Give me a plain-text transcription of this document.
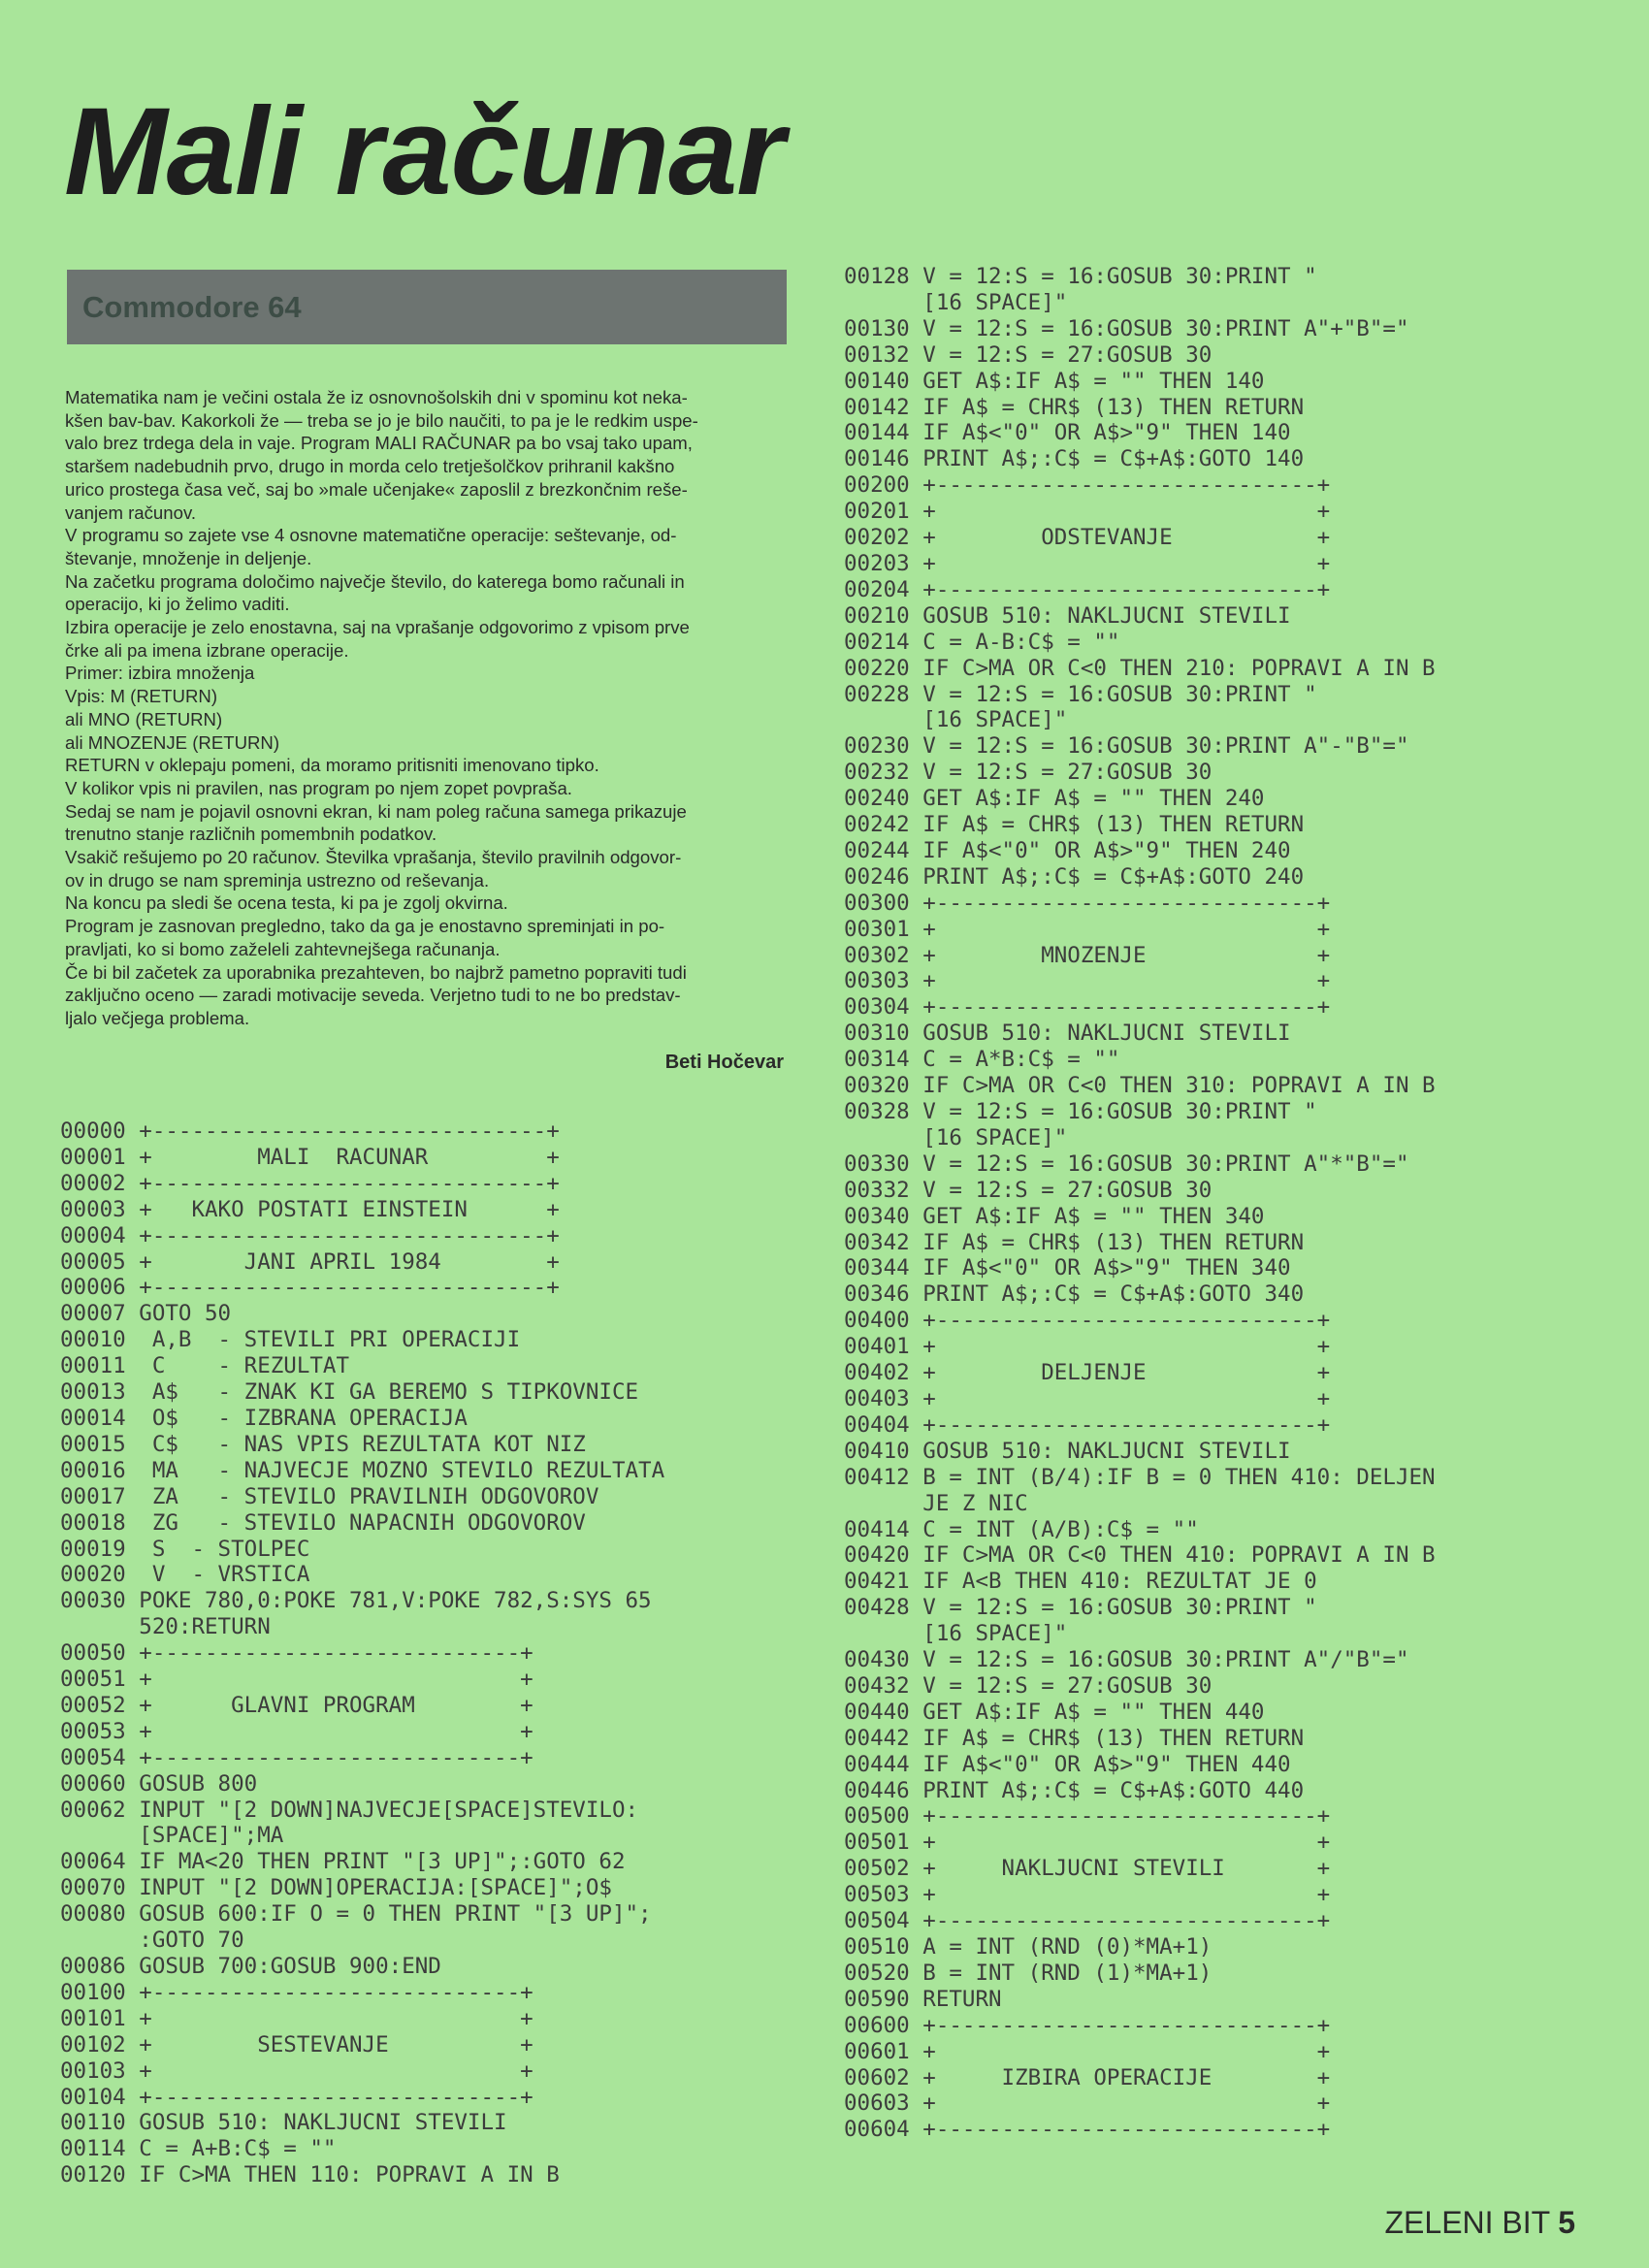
Mali računar
Commodore 64
Matematika nam je večini ostala že iz osnovnošolskih dni v spominu kot neka-
kšen bav-bav. Kakorkoli že — treba se jo je bilo naučiti, to pa je le redkim uspe-
valo brez trdega dela in vaje. Program MALI RAČUNAR pa bo vsaj tako upam,
staršem nadebudnih prvo, drugo in morda celo tretješolčkov prihranil kakšno
urico prostega časa več, saj bo »male učenjake« zaposlil z brezkončnim reše-
vanjem računov.
V programu so zajete vse 4 osnovne matematične operacije: seštevanje, od-
števanje, množenje in deljenje.
Na začetku programa določimo največje število, do katerega bomo računali in
operacijo, ki jo želimo vaditi.
Izbira operacije je zelo enostavna, saj na vprašanje odgovorimo z vpisom prve
črke ali pa imena izbrane operacije.
Primer: izbira množenja
Vpis: M (RETURN)
ali MNO (RETURN)
ali MNOZENJE (RETURN)
RETURN v oklepaju pomeni, da moramo pritisniti imenovano tipko.
V kolikor vpis ni pravilen, nas program po njem zopet povpraša.
Sedaj se nam je pojavil osnovni ekran, ki nam poleg računa samega prikazuje
trenutno stanje različnih pomembnih podatkov.
Vsakič rešujemo po 20 računov. Številka vprašanja, število pravilnih odgovor-
ov in drugo se nam spreminja ustrezno od reševanja.
Na koncu pa sledi še ocena testa, ki pa je zgolj okvirna.
Program je zasnovan pregledno, tako da ga je enostavno spreminjati in po-
pravljati, ko si bomo zaželeli zahtevnejšega računanja.
Če bi bil začetek za uporabnika prezahteven, bo najbrž pametno popraviti tudi
zaključno oceno — zaradi motivacije seveda. Verjetno tudi to ne bo predstav-
ljalo večjega problema.
Beti Hočevar
00000 +------------------------------+
00001 +        MALI  RACUNAR         +
00002 +------------------------------+
00003 +   KAKO POSTATI EINSTEIN      +
00004 +------------------------------+
00005 +       JANI APRIL 1984        +
00006 +------------------------------+
00007 GOTO 50
00010  A,B  - STEVILI PRI OPERACIJI
00011  C    - REZULTAT
00013  A$   - ZNAK KI GA BEREMO S TIPKOVNICE
00014  O$   - IZBRANA OPERACIJA
00015  C$   - NAS VPIS REZULTATA KOT NIZ
00016  MA   - NAJVECJE MOZNO STEVILO REZULTATA
00017  ZA   - STEVILO PRAVILNIH ODGOVOROV
00018  ZG   - STEVILO NAPACNIH ODGOVOROV
00019  S  - STOLPEC
00020  V  - VRSTICA
00030 POKE 780,0:POKE 781,V:POKE 782,S:SYS 65
520:RETURN
00050 +----------------------------+
00051 +                            +
00052 +      GLAVNI PROGRAM        +
00053 +                            +
00054 +----------------------------+
00060 GOSUB 800
00062 INPUT "[2 DOWN]NAJVECJE[SPACE]STEVILO:
[SPACE]";MA
00064 IF MA<20 THEN PRINT "[3 UP]";:GOTO 62
00070 INPUT "[2 DOWN]OPERACIJA:[SPACE]";O$
00080 GOSUB 600:IF O = 0 THEN PRINT "[3 UP]";
:GOTO 70
00086 GOSUB 700:GOSUB 900:END
00100 +----------------------------+
00101 +                            +
00102 +        SESTEVANJE          +
00103 +                            +
00104 +----------------------------+
00110 GOSUB 510: NAKLJUCNI STEVILI
00114 C = A+B:C$ = ""
00120 IF C>MA THEN 110: POPRAVI A IN B
00128 V = 12:S = 16:GOSUB 30:PRINT "
[16 SPACE]"
00130 V = 12:S = 16:GOSUB 30:PRINT A"+"B"="
00132 V = 12:S = 27:GOSUB 30
00140 GET A$:IF A$ = "" THEN 140
00142 IF A$ = CHR$ (13) THEN RETURN
00144 IF A$<"0" OR A$>"9" THEN 140
00146 PRINT A$;:C$ = C$+A$:GOTO 140
00200 +-----------------------------+
00201 +                             +
00202 +        ODSTEVANJE           +
00203 +                             +
00204 +-----------------------------+
00210 GOSUB 510: NAKLJUCNI STEVILI
00214 C = A-B:C$ = ""
00220 IF C>MA OR C<0 THEN 210: POPRAVI A IN B
00228 V = 12:S = 16:GOSUB 30:PRINT "
[16 SPACE]"
00230 V = 12:S = 16:GOSUB 30:PRINT A"-"B"="
00232 V = 12:S = 27:GOSUB 30
00240 GET A$:IF A$ = "" THEN 240
00242 IF A$ = CHR$ (13) THEN RETURN
00244 IF A$<"0" OR A$>"9" THEN 240
00246 PRINT A$;:C$ = C$+A$:GOTO 240
00300 +-----------------------------+
00301 +                             +
00302 +        MNOZENJE             +
00303 +                             +
00304 +-----------------------------+
00310 GOSUB 510: NAKLJUCNI STEVILI
00314 C = A*B:C$ = ""
00320 IF C>MA OR C<0 THEN 310: POPRAVI A IN B
00328 V = 12:S = 16:GOSUB 30:PRINT "
[16 SPACE]"
00330 V = 12:S = 16:GOSUB 30:PRINT A"*"B"="
00332 V = 12:S = 27:GOSUB 30
00340 GET A$:IF A$ = "" THEN 340
00342 IF A$ = CHR$ (13) THEN RETURN
00344 IF A$<"0" OR A$>"9" THEN 340
00346 PRINT A$;:C$ = C$+A$:GOTO 340
00400 +-----------------------------+
00401 +                             +
00402 +        DELJENJE             +
00403 +                             +
00404 +-----------------------------+
00410 GOSUB 510: NAKLJUCNI STEVILI
00412 B = INT (B/4):IF B = 0 THEN 410: DELJEN
JE Z NIC
00414 C = INT (A/B):C$ = ""
00420 IF C>MA OR C<0 THEN 410: POPRAVI A IN B
00421 IF A<B THEN 410: REZULTAT JE 0
00428 V = 12:S = 16:GOSUB 30:PRINT "
[16 SPACE]"
00430 V = 12:S = 16:GOSUB 30:PRINT A"/"B"="
00432 V = 12:S = 27:GOSUB 30
00440 GET A$:IF A$ = "" THEN 440
00442 IF A$ = CHR$ (13) THEN RETURN
00444 IF A$<"0" OR A$>"9" THEN 440
00446 PRINT A$;:C$ = C$+A$:GOTO 440
00500 +-----------------------------+
00501 +                             +
00502 +     NAKLJUCNI STEVILI       +
00503 +                             +
00504 +-----------------------------+
00510 A = INT (RND (0)*MA+1)
00520 B = INT (RND (1)*MA+1)
00590 RETURN
00600 +-----------------------------+
00601 +                             +
00602 +     IZBIRA OPERACIJE        +
00603 +                             +
00604 +-----------------------------+
ZELENI BIT 5
